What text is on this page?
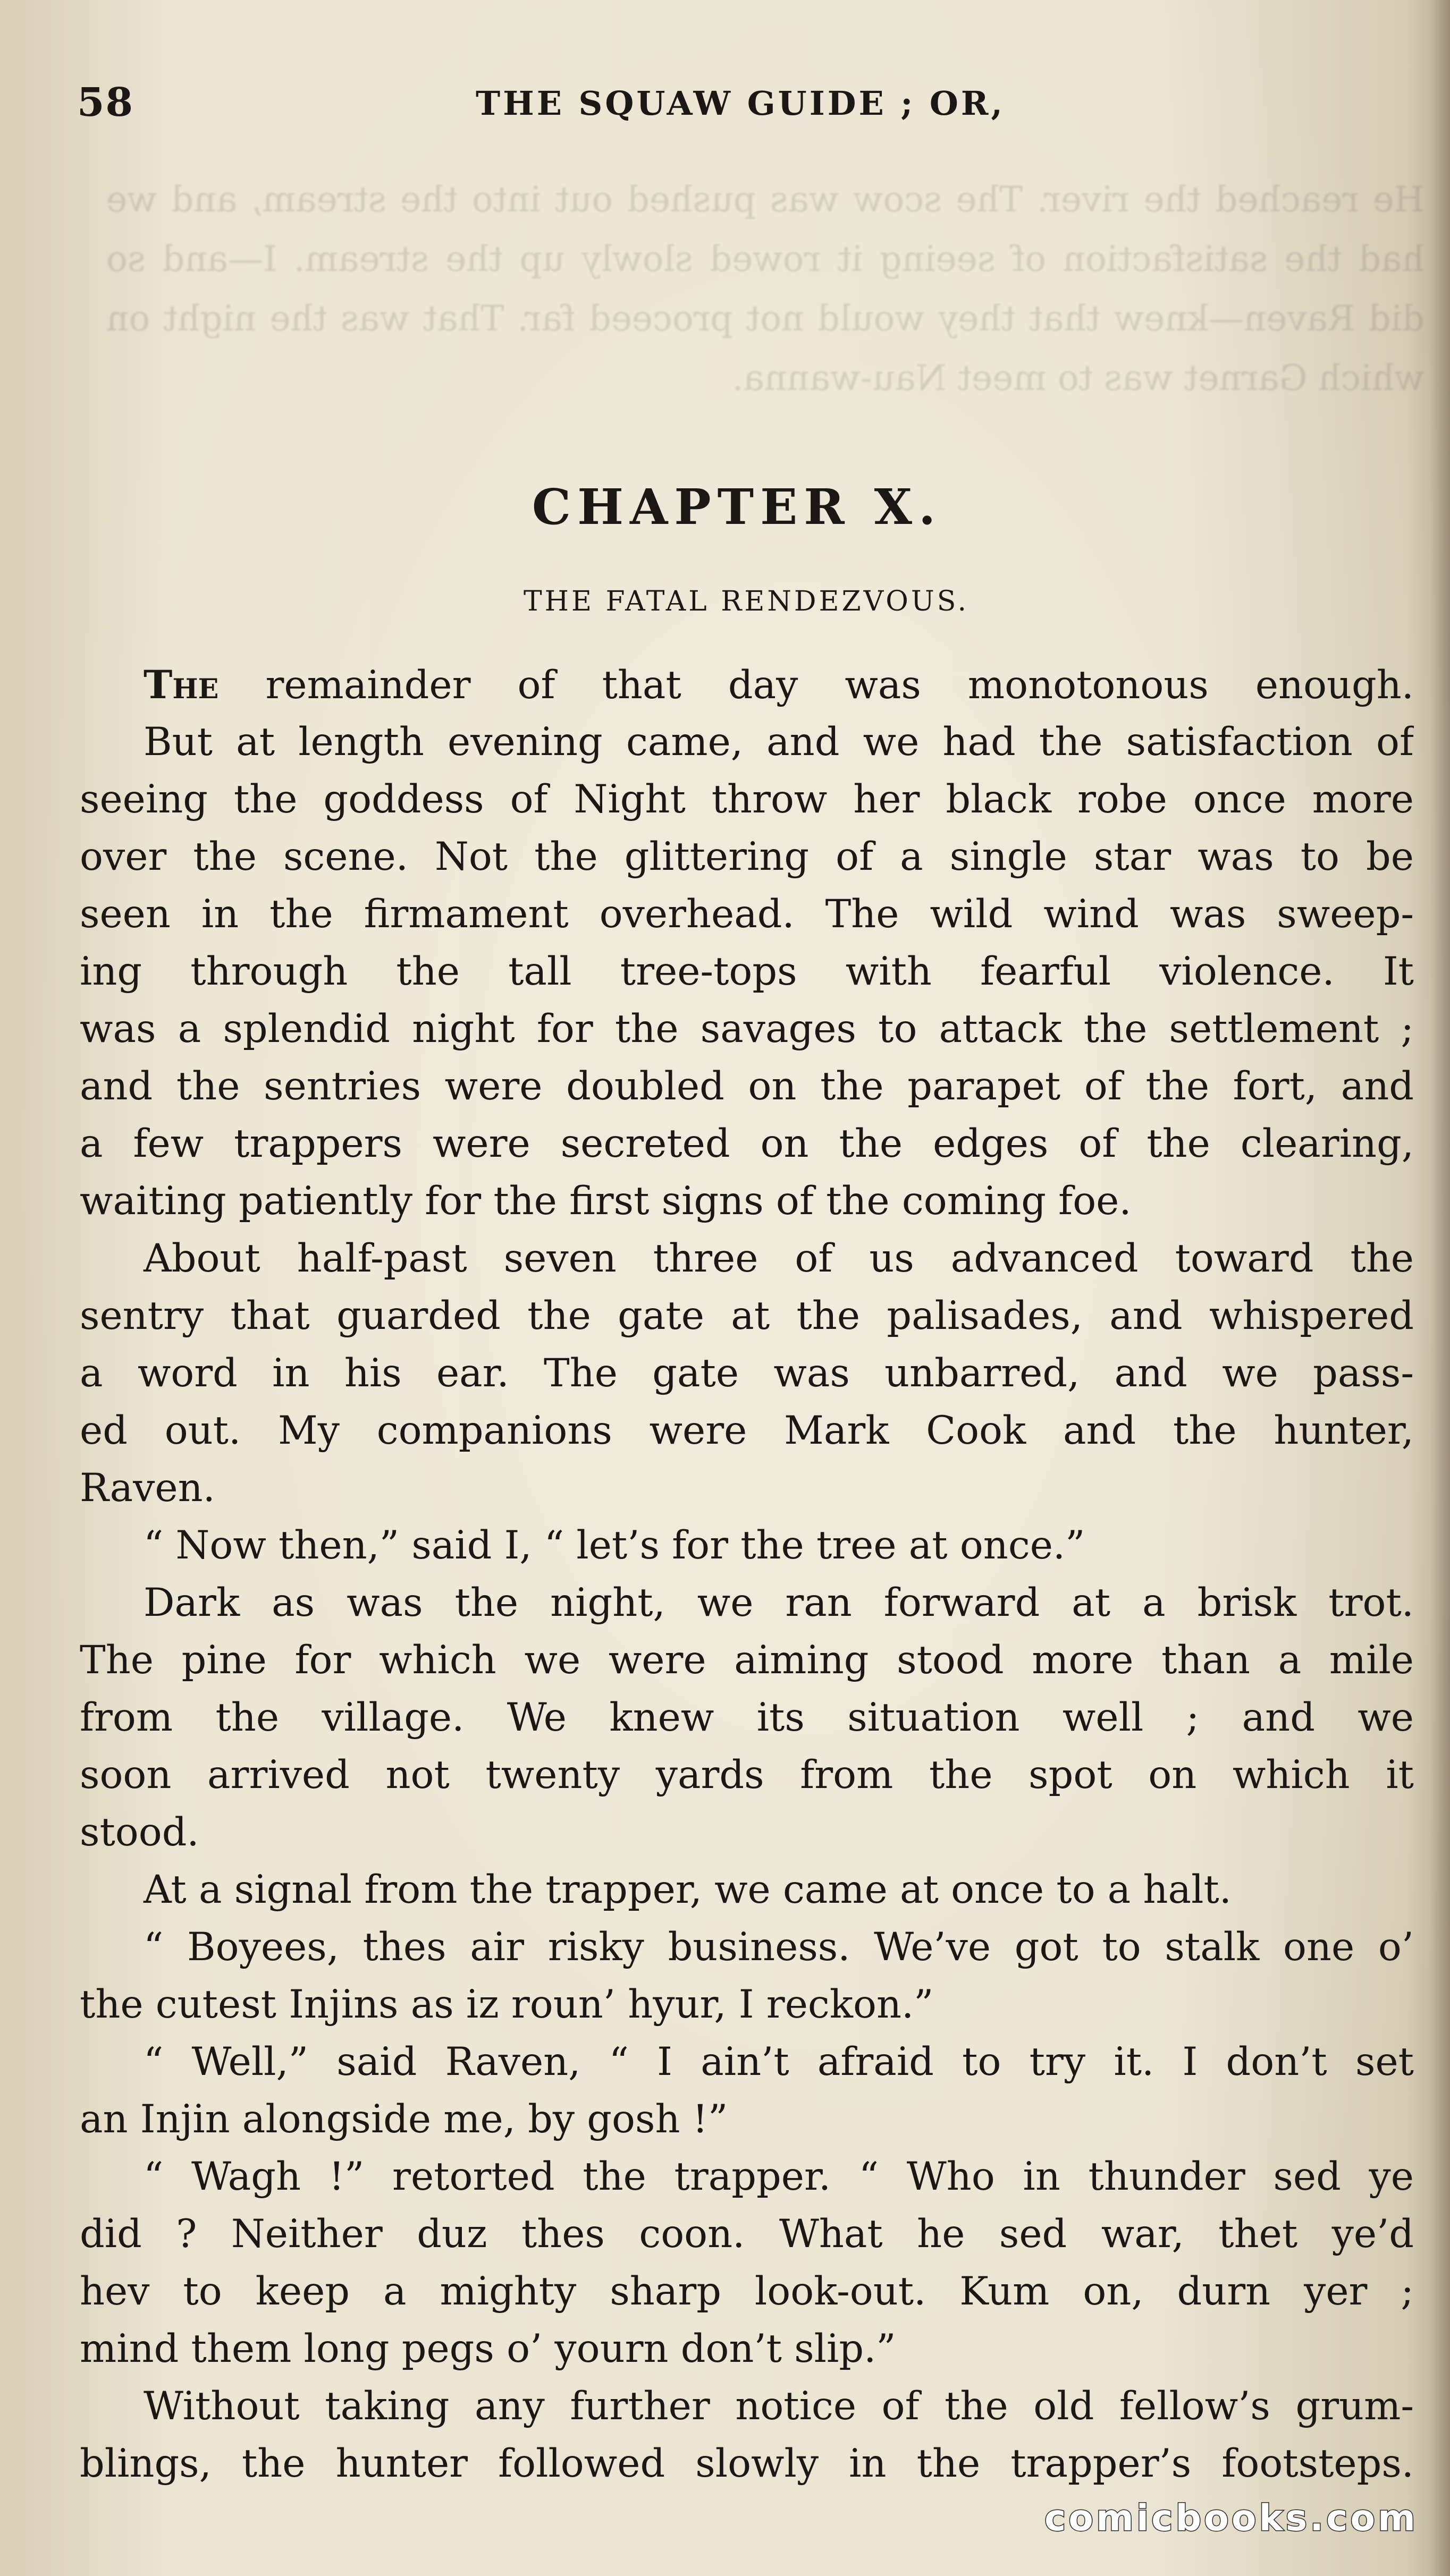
He reached the river. The scow was pushed out into the stream, and we had the satisfaction of seeing it rowed slowly up the stream. I—and so did Raven—knew that they would not proceed far. That was the night on which Garnet was to meet Nau-wanna.
58	THE SQUAW GUIDE ; OR,
CHAPTER X.
THE FATAL RENDEZVOUS.
The remainder of that day was monotonous enough.
But at length evening came, and we had the satisfaction of
seeing the goddess of Night throw her black robe once more
over the scene. Not the glittering of a single star was to be
seen in the firmament overhead. The wild wind was sweep-
ing through the tall tree-tops with fearful violence. It
was a splendid night for the savages to attack the settlement ;
and the sentries were doubled on the parapet of the fort, and
a few trappers were secreted on the edges of the clearing,
waiting patiently for the first signs of the coming foe.
About half-past seven three of us advanced toward the
sentry that guarded the gate at the palisades, and whispered
a word in his ear. The gate was unbarred, and we pass-
ed out. My companions were Mark Cook and the hunter,
Raven.
“ Now then,” said I, “ let’s for the tree at once.”
Dark as was the night, we ran forward at a brisk trot.
The pine for which we were aiming stood more than a mile
from the village. We knew its situation well ; and we
soon arrived not twenty yards from the spot on which it
stood.
At a signal from the trapper, we came at once to a halt.
“ Boyees, thes air risky business. We’ve got to stalk one o’
the cutest Injins as iz roun’ hyur, I reckon.”
“ Well,” said Raven, “ I ain’t afraid to try it. I don’t set
an Injin alongside me, by gosh !”
“ Wagh !” retorted the trapper. “ Who in thunder sed ye
did ? Neither duz thes coon. What he sed war, thet ye’d
hev to keep a mighty sharp look-out. Kum on, durn yer ;
mind them long pegs o’ yourn don’t slip.”
Without taking any further notice of the old fellow’s grum-
blings, the hunter followed slowly in the trapper’s footsteps.
comicbooks.com
